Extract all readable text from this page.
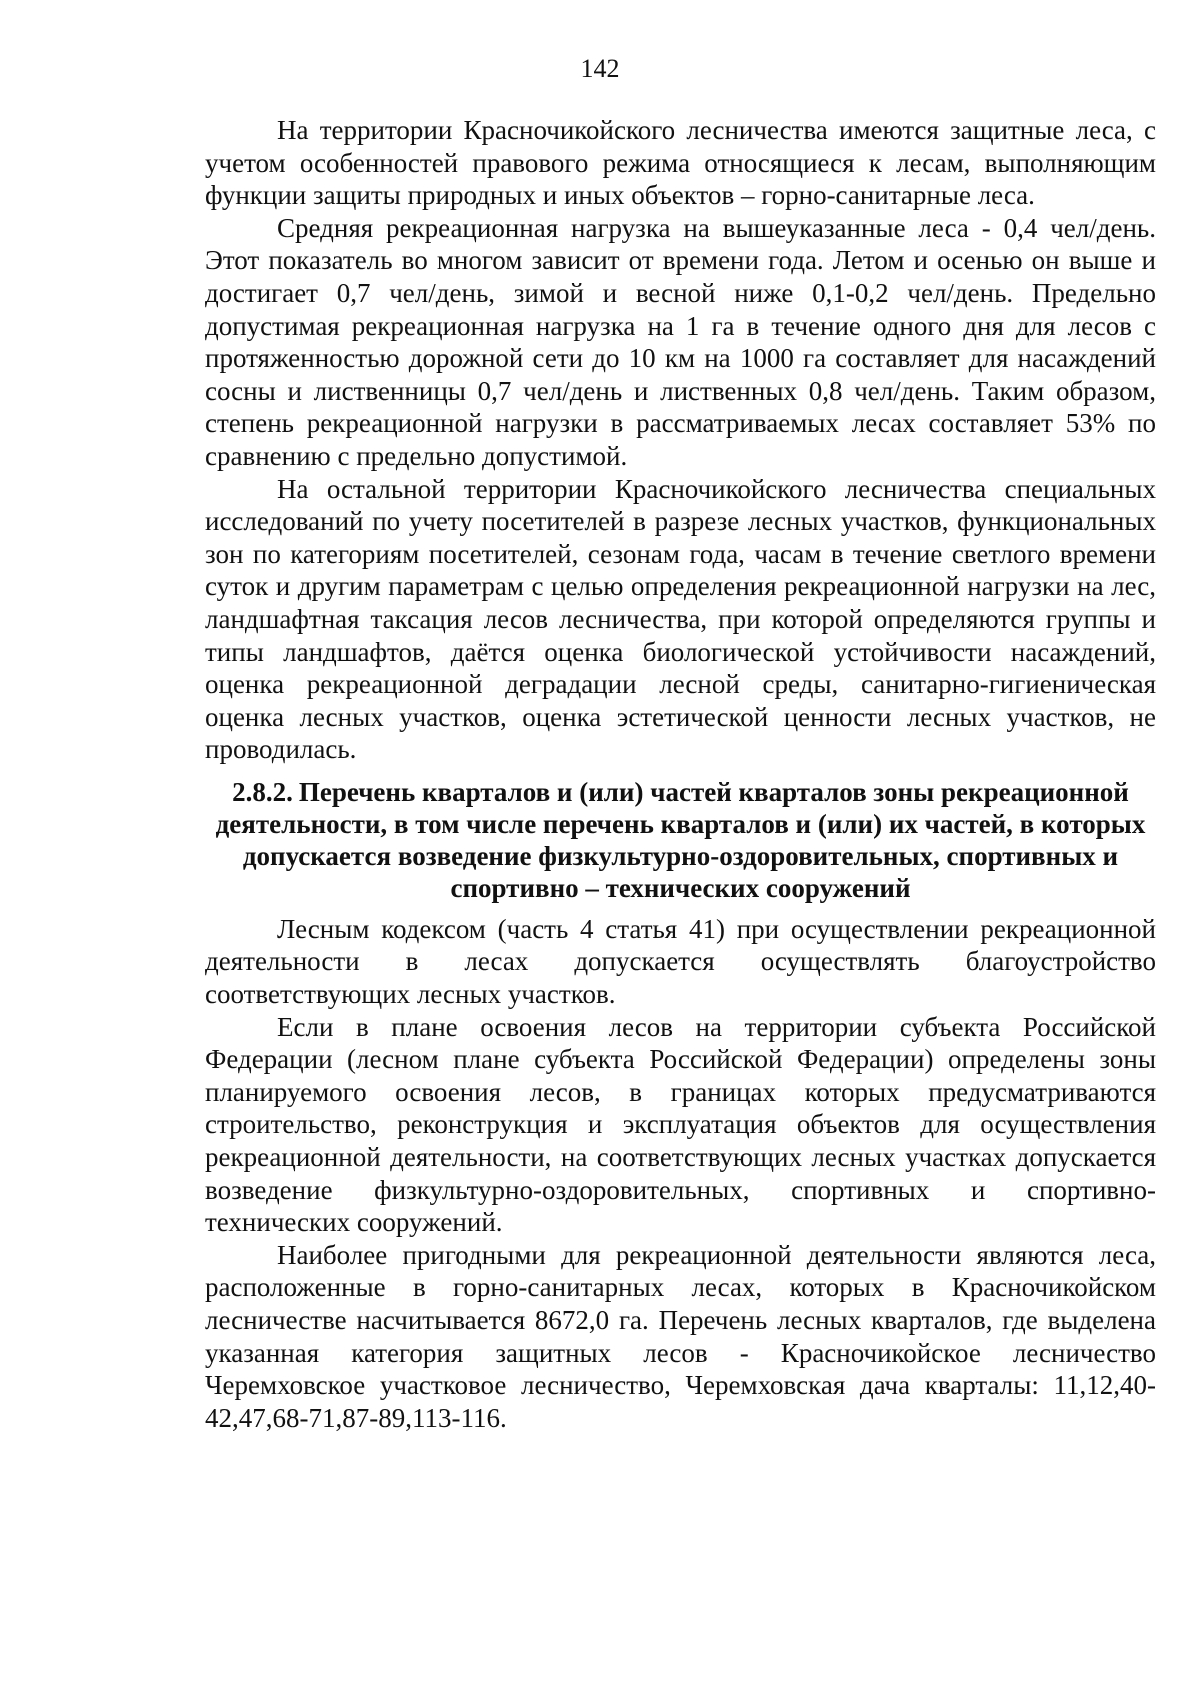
142

На территории Красночикойского лесничества имеются защитные леса, с учетом особенностей правового режима относящиеся к лесам, выполняющим функции защиты природных и иных объектов – горно-санитарные леса.

Средняя рекреационная нагрузка на вышеуказанные леса - 0,4 чел/день. Этот показатель во многом зависит от времени года. Летом и осенью он выше и достигает 0,7 чел/день, зимой и весной ниже 0,1-0,2 чел/день. Предельно допустимая рекреационная нагрузка на 1 га в течение одного дня для лесов с протяженностью дорожной сети до 10 км на 1000 га составляет для насаждений сосны и лиственницы 0,7 чел/день и лиственных 0,8 чел/день. Таким образом, степень рекреационной нагрузки в рассматриваемых лесах составляет 53% по сравнению с предельно допустимой.

На остальной территории Красночикойского лесничества специальных исследований по учету посетителей в разрезе лесных участков, функциональных зон по категориям посетителей, сезонам года, часам в течение светлого времени суток и другим параметрам с целью определения рекреационной нагрузки на лес, ландшафтная таксация лесов лесничества, при которой определяются группы и типы ландшафтов, даётся оценка биологической устойчивости насаждений, оценка рекреационной деградации лесной среды, санитарно-гигиеническая оценка лесных участков, оценка эстетической ценности лесных участков, не проводилась.

2.8.2. Перечень кварталов и (или) частей кварталов зоны рекреационной деятельности, в том числе перечень кварталов и (или) их частей, в которых допускается возведение физкультурно-оздоровительных, спортивных и спортивно – технических сооружений

Лесным кодексом (часть 4 статья 41) при осуществлении рекреационной деятельности в лесах допускается осуществлять благоустройство соответствующих лесных участков.

Если в плане освоения лесов на территории субъекта Российской Федерации (лесном плане субъекта Российской Федерации) определены зоны планируемого освоения лесов, в границах которых предусматриваются строительство, реконструкция и эксплуатация объектов для осуществления рекреационной деятельности, на соответствующих лесных участках допускается возведение физкультурно-оздоровительных, спортивных и спортивно-технических сооружений.

Наиболее пригодными для рекреационной деятельности являются леса, расположенные в горно-санитарных лесах, которых в Красночикойском лесничестве насчитывается 8672,0 га. Перечень лесных кварталов, где выделена указанная категория защитных лесов - Красночикойское лесничество Черемховское участковое лесничество, Черемховская дача кварталы: 11,12,40-42,47,68-71,87-89,113-116.
